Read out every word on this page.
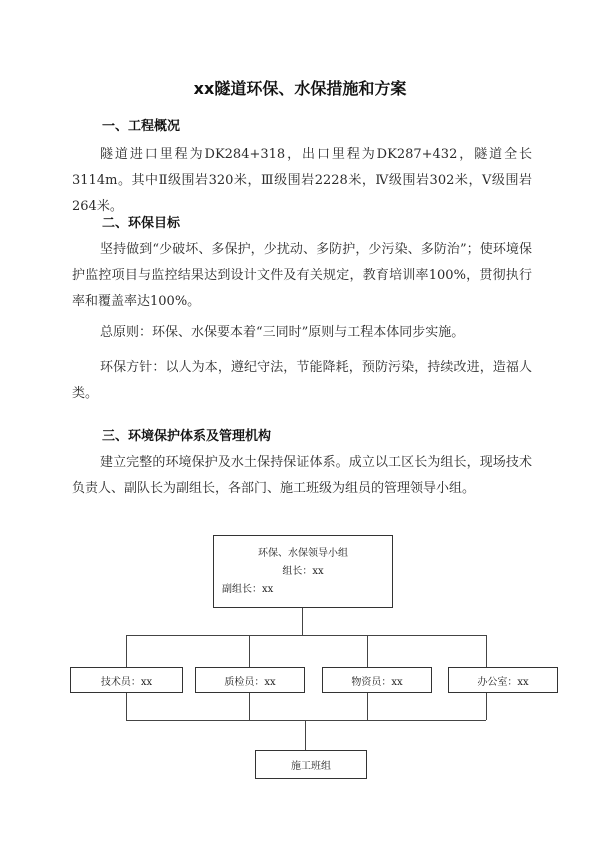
xx隧道环保、水保措施和方案
一、工程概况

隧道进口里程为DK284+318，出口里程为DK287+432，隧道全长3114m。其中Ⅱ级围岩320米，Ⅲ级围岩2228米，Ⅳ级围岩302米，Ⅴ级围岩264米。

二、环保目标

坚持做到“少破坏、多保护，少扰动、多防护，少污染、多防治”；使环境保护监控项目与监控结果达到设计文件及有关规定，教育培训率100%，贯彻执行率和覆盖率达100%。

总原则：环保、水保要本着“三同时”原则与工程本体同步实施。

环保方针：以人为本，遵纪守法，节能降耗，预防污染，持续改进，造福人类。

三、环境保护体系及管理机构

建立完整的环境保护及水土保持保证体系。成立以工区长为组长，现场技术负责人、副队长为副组长，各部门、施工班级为组员的管理领导小组。

环保、水保领导小组
组长：xx
副组长：xx
技术员：xx	质检员：xx	物资员：xx	办公室：xx
施工班组
